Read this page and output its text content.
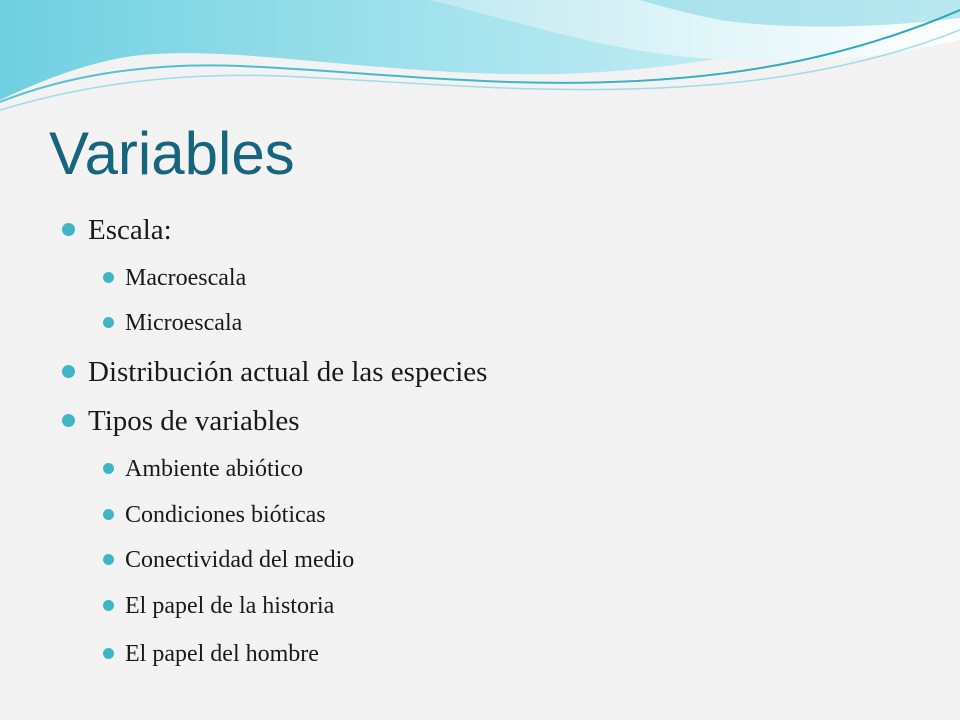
Variables
Escala:
Macroescala
Microescala
Distribución actual de las especies
Tipos de variables
Ambiente abiótico
Condiciones bióticas
Conectividad del medio
El papel de la historia
El papel del hombre
